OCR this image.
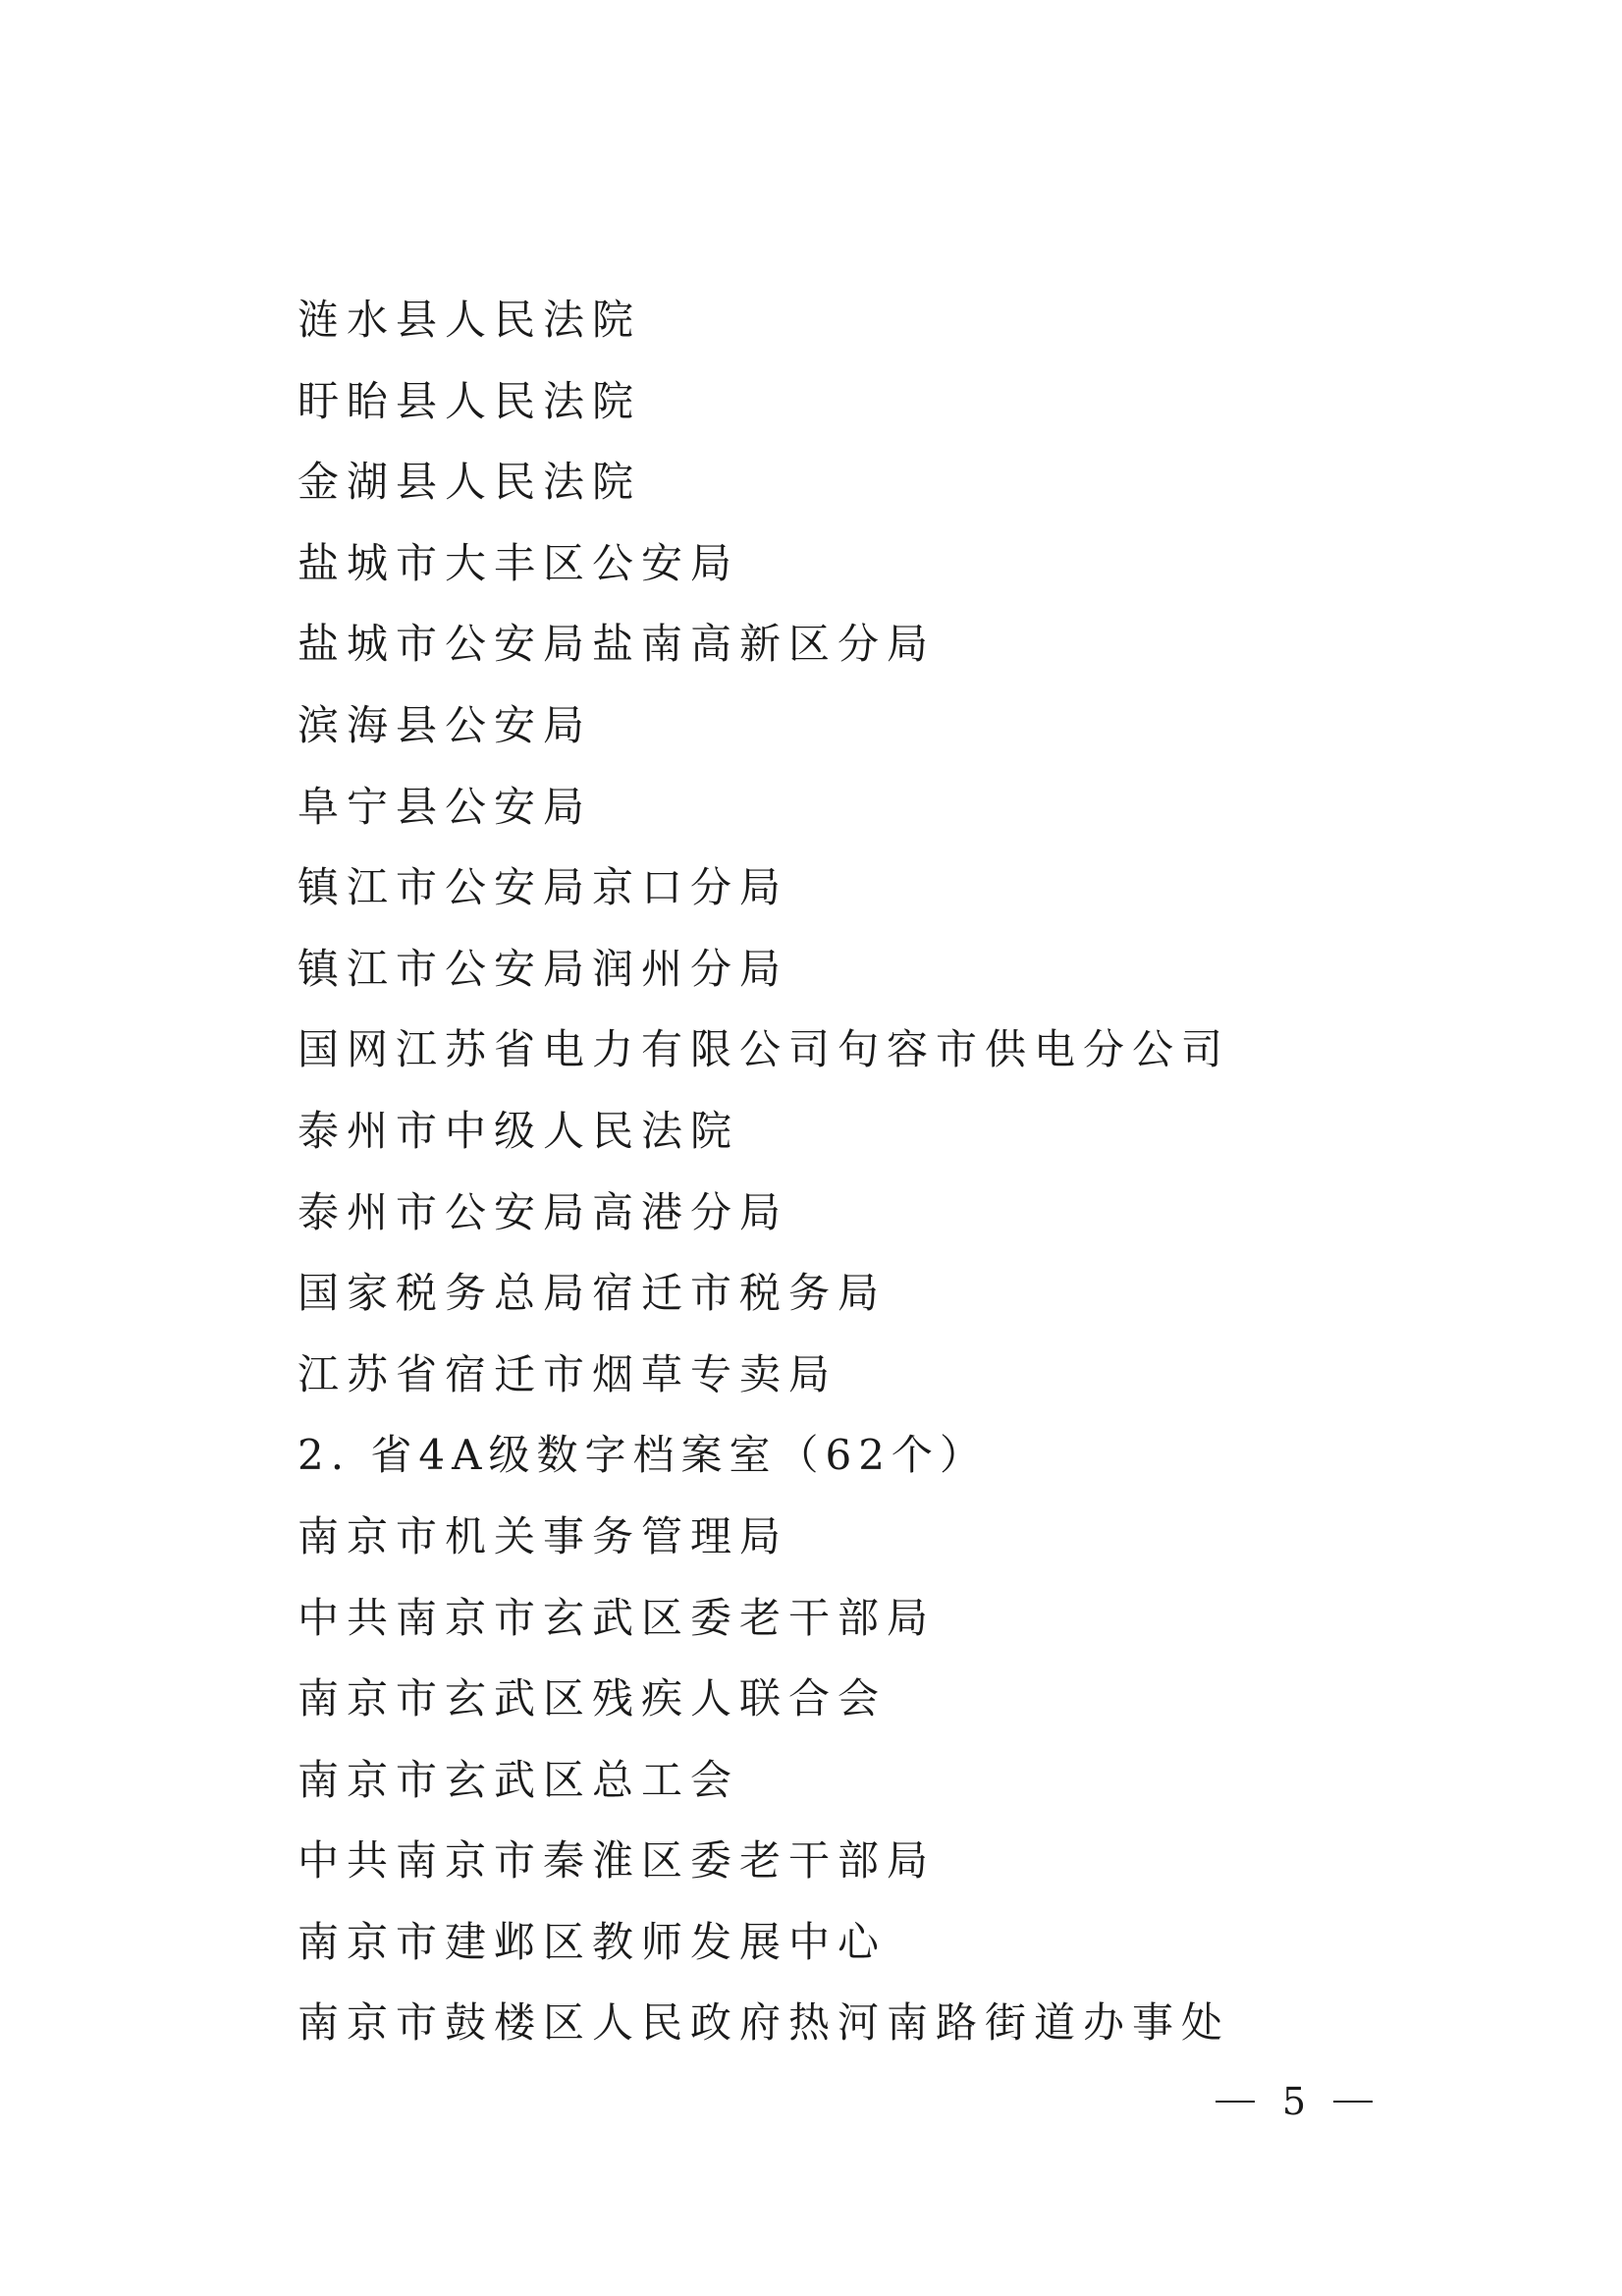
涟水县人民法院
盱眙县人民法院
金湖县人民法院
盐城市大丰区公安局
盐城市公安局盐南高新区分局
滨海县公安局
阜宁县公安局
镇江市公安局京口分局
镇江市公安局润州分局
国网江苏省电力有限公司句容市供电分公司
泰州市中级人民法院
泰州市公安局高港分局
国家税务总局宿迁市税务局
江苏省宿迁市烟草专卖局
2. 省4A级数字档案室（62个）
南京市机关事务管理局
中共南京市玄武区委老干部局
南京市玄武区残疾人联合会
南京市玄武区总工会
中共南京市秦淮区委老干部局
南京市建邺区教师发展中心
南京市鼓楼区人民政府热河南路街道办事处
5
